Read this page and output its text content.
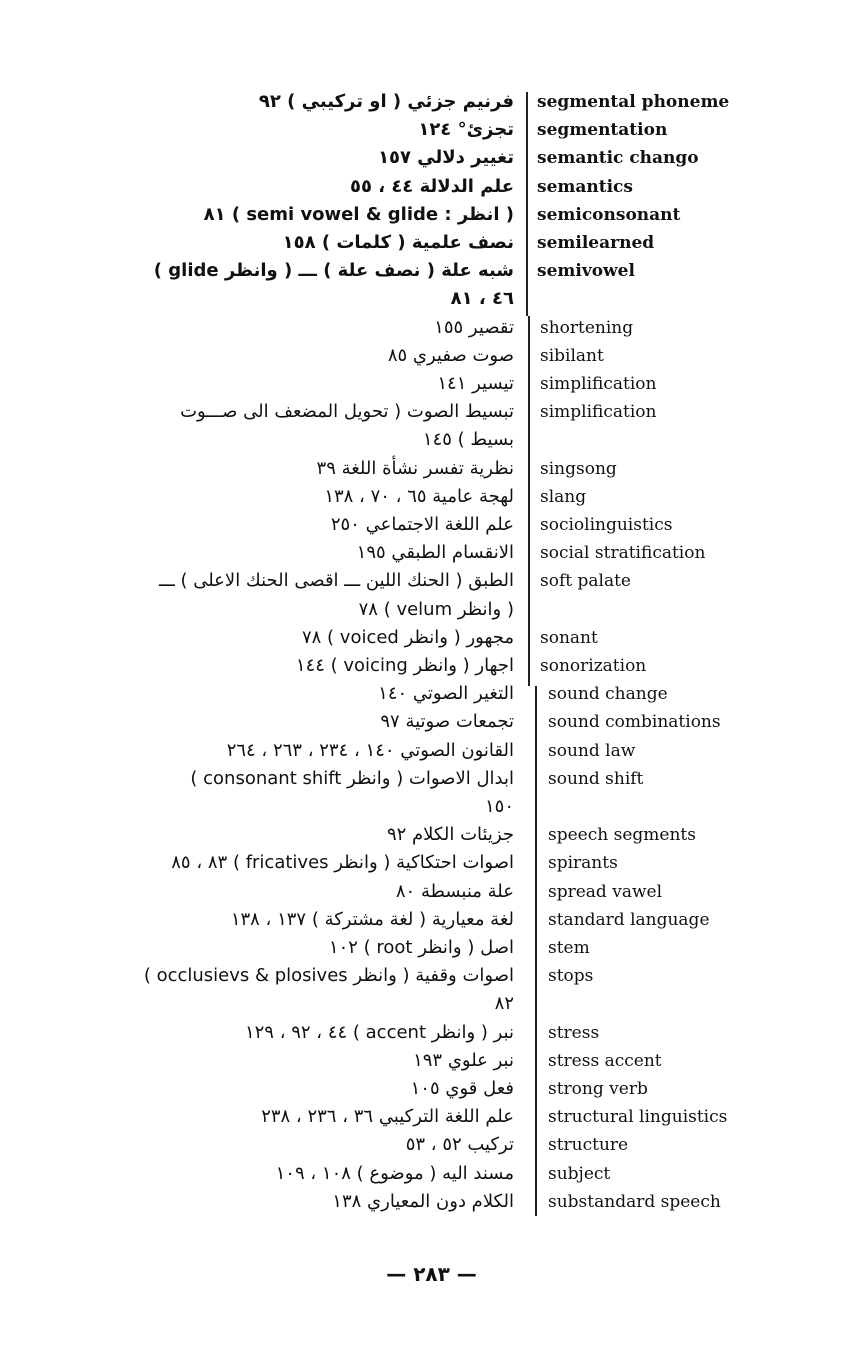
فرنيم جزئي ( او تركيبي ) ٩٢ segmental phoneme
تجزئ° ١٢٤ segmentation
تغيير دلالي ١٥٧ semantic chango
علم الدلالة ٤٤ ، ٥٥ semantics
( انظر : semi vowel & glide ) ٨١ semiconsonant
نصف علمية ( كلمات ) ١٥٨ semilearned
شبه علة ( نصف علة ) ـــ ( وانظر glide ) semivowel
٤٦ ، ٨١
تقصير ١٥٥ shortening
صوت صفيري ٨٥ sibilant
تيسير ١٤١ simplification
تبسيط الصوت ( تحويل المضعف الى صـــوت simplification
بسيط ) ١٤٥
نظرية تفسر نشأة اللغة ٣٩ singsong
لهجة عامية ٦٥ ، ٧٠ ، ١٣٨ slang
علم اللغة الاجتماعي ٢٥٠ sociolinguistics
الانقسام الطبقي ١٩٥ social stratification
الطبق ( الحنك اللين ـــ اقصى الحنك الاعلى ) ـــ soft palate
( وانظر velum ) ٧٨
مجهور ( وانظر voiced ) ٧٨ sonant
اجهار ( وانظر voicing ) ١٤٤ sonorization
التغير الصوتي ١٤٠ sound change
تجمعات صوتية ٩٧ sound combinations
القانون الصوتي ١٤٠ ، ٢٣٤ ، ٢٦٣ ، ٢٦٤ sound law
ابدال الاصوات ( وانظر consonant shift ) sound shift
١٥٠
جزيئات الكلام ٩٢ speech segments
اصوات احتكاكية ( وانظر fricatives ) ٨٣ ، ٨٥ spirants
علة منبسطة ٨٠ spread vawel
لغة معيارية ( لغة مشتركة ) ١٣٧ ، ١٣٨ standard language
اصل ( وانظر root ) ١٠٢ stem
اصوات وقفية ( وانظر occlusievs & plosives ) stops
٨٢
نبر ( وانظر accent ) ٤٤ ، ٩٢ ، ١٢٩ stress
نبر علوي ١٩٣ stress accent
فعل قوي ١٠٥ strong verb
علم اللغة التركيبي ٣٦ ، ٢٣٦ ، ٢٣٨ structural linguistics
تركيب ٥٢ ، ٥٣ structure
مسند اليه ( موضوع ) ١٠٨ ، ١٠٩ subject
الكلام دون المعياري ١٣٨ substandard speech
— ٢٨٣ —
